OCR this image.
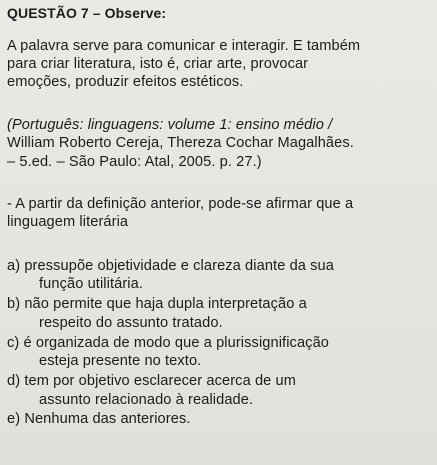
QUESTÃO 7 – Observe:
A palavra serve para comunicar e interagir. E também
para criar literatura, isto é, criar arte, provocar
emoções, produzir efeitos estéticos.
(Português: linguagens: volume 1: ensino médio /
William Roberto Cereja, Thereza Cochar Magalhães.
– 5.ed. – São Paulo: Atal, 2005. p. 27.)
- A partir da definição anterior, pode-se afirmar que a
linguagem literária
a) pressupõe objetividade e clareza diante da sua
função utilitária.
b) não permite que haja dupla interpretação a
respeito do assunto tratado.
c) é organizada de modo que a plurissignificação
esteja presente no texto.
d) tem por objetivo esclarecer acerca de um
assunto relacionado à realidade.
e) Nenhuma das anteriores.
